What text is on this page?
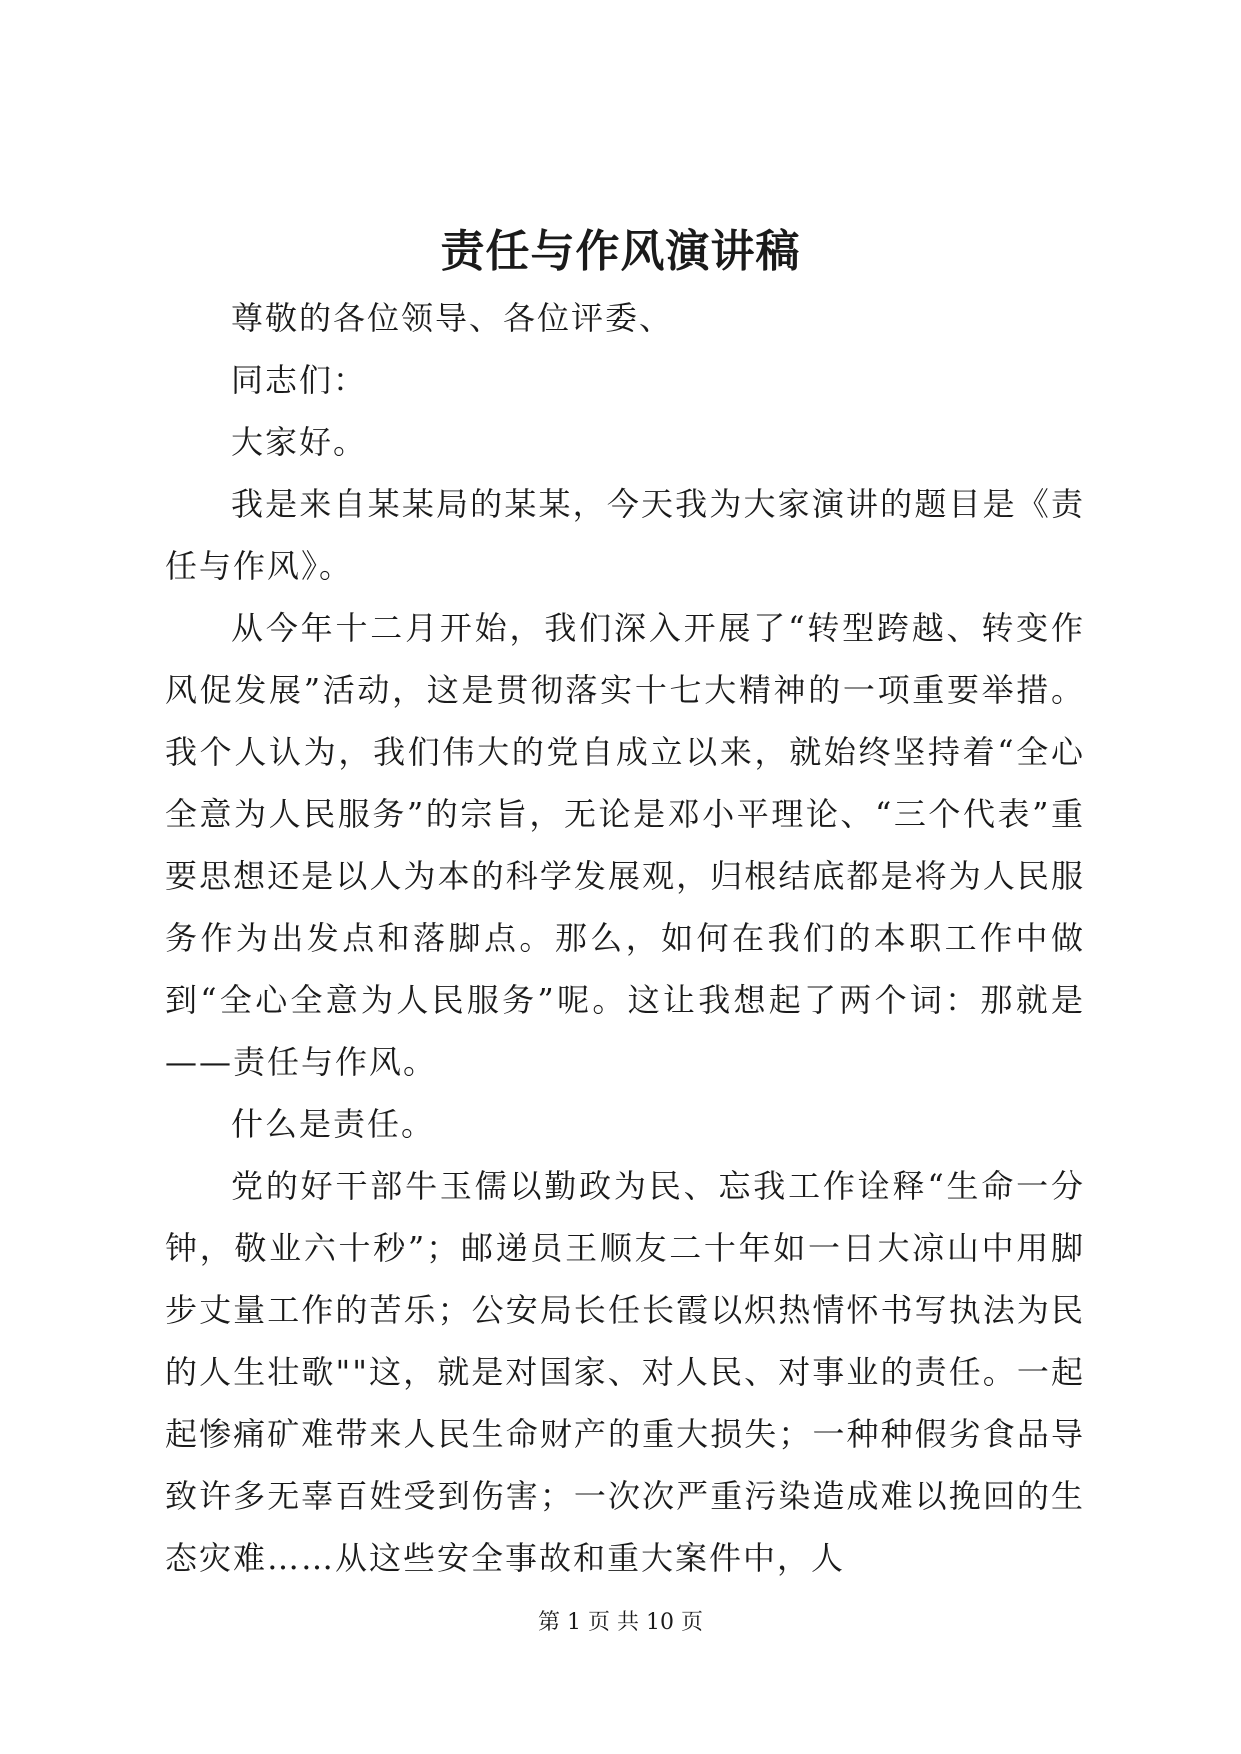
责任与作风演讲稿

尊敬的各位领导、各位评委、

同志们：

大家好。

我是来自某某局的某某，今天我为大家演讲的题目是《责任与作风》。

从今年十二月开始，我们深入开展了“转型跨越、转变作风促发展”活动，这是贯彻落实十七大精神的一项重要举措。我个人认为，我们伟大的党自成立以来，就始终坚持着“全心全意为人民服务”的宗旨，无论是邓小平理论、“三个代表”重要思想还是以人为本的科学发展观，归根结底都是将为人民服务作为出发点和落脚点。那么，如何在我们的本职工作中做到“全心全意为人民服务”呢。这让我想起了两个词：那就是——责任与作风。

什么是责任。

党的好干部牛玉儒以勤政为民、忘我工作诠释“生命一分钟，敬业六十秒”；邮递员王顺友二十年如一日大凉山中用脚步丈量工作的苦乐；公安局长任长霞以炽热情怀书写执法为民的人生壮歌""这，就是对国家、对人民、对事业的责任。一起起惨痛矿难带来人民生命财产的重大损失；一种种假劣食品导致许多无辜百姓受到伤害；一次次严重污染造成难以挽回的生态灾难……从这些安全事故和重大案件中，人

第 1 页 共 10 页
